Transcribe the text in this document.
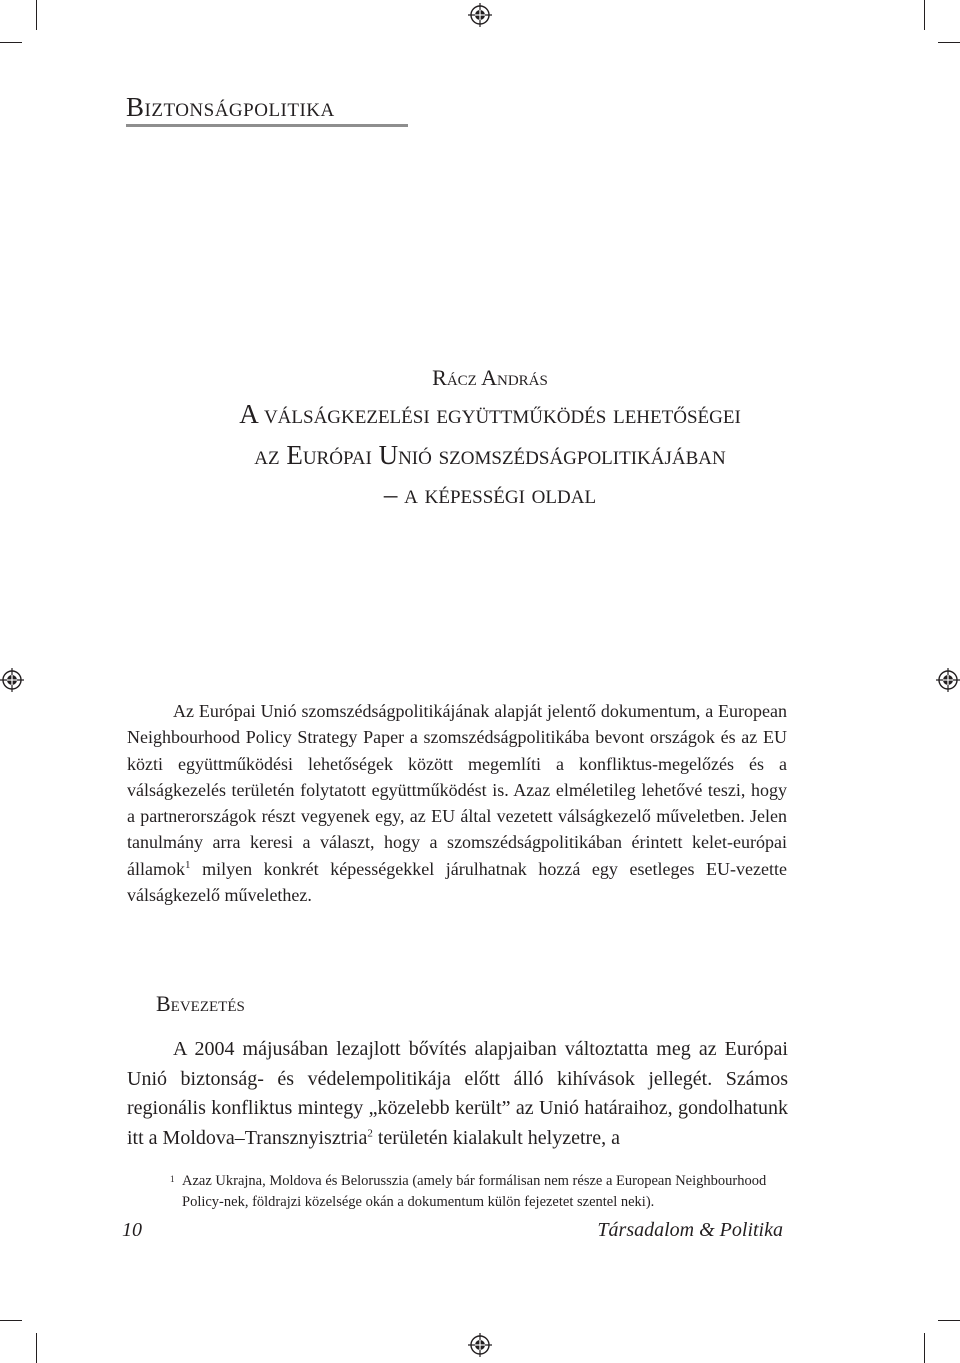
Biztonságpolitika
Rácz András
A válságkezelési együttműködés lehetőségei
az Európai Unió szomszédságpolitikájában
– a képességi oldal

Az Európai Unió szomszédságpolitikájának alapját jelentő dokumentum, a European Neighbourhood Policy Strategy Paper a szomszédságpolitikába bevont országok és az EU közti együttműködési lehetőségek között megemlíti a konfliktus-megelőzés és a válságkezelés területén folytatott együttműködést is. Azaz elméletileg lehetővé teszi, hogy a partnerországok részt vegyenek egy, az EU által vezetett válságkezelő műveletben. Jelen tanulmány arra keresi a választ, hogy a szomszédságpolitikában érintett kelet-európai államok$^1$ milyen konkrét képességekkel járulhatnak hozzá egy esetleges EU-vezette válságkezelő művelethez.

Bevezetés

A 2004 májusában lezajlott bővítés alapjaiban változtatta meg az Európai Unió biztonság- és védelempolitikája előtt álló kihívások jellegét. Számos regionális konfliktus mintegy „közelebb került” az Unió határaihoz, gondolhatunk itt a Moldova–Transznyisztria$^2$ területén kialakult helyzetre, a

1 Azaz Ukrajna, Moldova és Belorusszia (amely bár formálisan nem része a European Neighbourhood Policy-nek, földrajzi közelsége okán a dokumentum külön fejezetet szentel neki).
10	Társadalom & Politika
